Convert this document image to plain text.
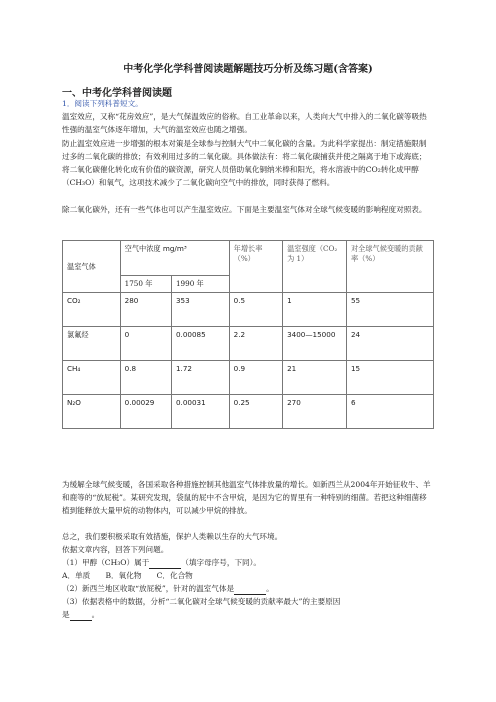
中考化学化学科普阅读题解题技巧分析及练习题(含答案)
一、中考化学科普阅读题
1．阅读下列科普短文。
温室效应，又称“花房效应”，是大气保温效应的俗称。自工业革命以来，人类向大气中排入的二氧化碳等吸热性强的温室气体逐年增加，大气的温室效应也随之增强。
防止温室效应进一步增强的根本对策是全球参与控制大气中二氧化碳的含量。为此科学家提出：制定措施限制过多的二氧化碳的排放；有效利用过多的二氧化碳。具体做法有：将二氧化碳捕获并使之隔离于地下或海底；将二氧化碳催化转化成有价值的碳资源，研究人员借助氧化铜纳米棒和阳光，将水溶液中的CO₂转化成甲醇（CH₃O）和氧气，这项技术减少了二氧化碳向空气中的排放，同时获得了燃料。
除二氧化碳外，还有一些气体也可以产生温室效应。下面是主要温室气体对全球气候变暖的影响程度对照表。
温室气体	空气中浓度 mg/m³		年增长率（%）	温室强度（CO₂为 1）	对全球气候变暖的贡献率（%）
	1750 年	1990 年			
CO₂	280	353	0.5	1	55
氯氟烃	0	0.00085	2.2	3400—15000	24
CH₄	0.8	1.72	0.9	21	15
N₂O	0.00029	0.00031	0.25	270	6
为缓解全球气候变暖，各国采取各种措施控制其他温室气体排放量的增长。如新西兰从2004年开始征收牛、羊和鹿等的“放屁税”。某研究发现，袋鼠的屁中不含甲烷，是因为它的胃里有一种特别的细菌。若把这种细菌移植到能释放大量甲烷的动物体内，可以减少甲烷的排放。
总之，我们要积极采取有效措施，保护人类赖以生存的大气环境。
依据文章内容，回答下列问题。
（1）甲醇（CH₃O）属于	（填字母序号，下同）。
A．单质　　B．氧化物　　C．化合物
（2）新西兰地区收取“放屁税”，针对的温室气体是	。
（3）依据表格中的数据，分析“二氧化碳对全球气候变暖的贡献率最大”的主要原因
是	。
